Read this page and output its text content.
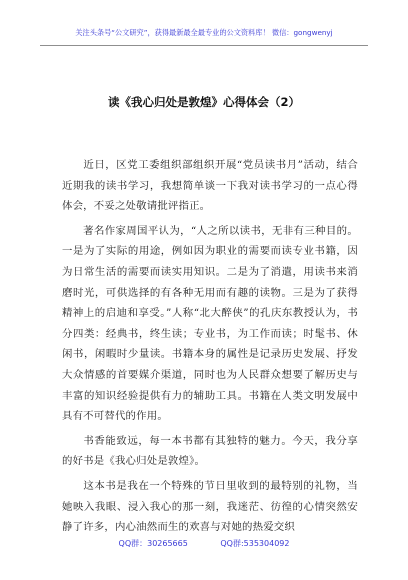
关注头条号“公文研究”，获得最新最全最专业的公文资料库！ 微信：gongwenyj
读《我心归处是敦煌》心得体会（2）
近日，区党工委组织部组织开展“党员读书月”活动，结合近期我的读书学习，我想简单谈一下我对读书学习的一点心得体会，不妥之处敬请批评指正。
著名作家周国平认为，“人之所以读书，无非有三种目的。一是为了实际的用途，例如因为职业的需要而读专业书籍，因为日常生活的需要而读实用知识。二是为了消遣，用读书来消磨时光，可供选择的有各种无用而有趣的读物。三是为了获得精神上的启迪和享受。”人称“北大醉侠”的孔庆东教授认为，书分四类：经典书，终生读；专业书，为工作而读；时髦书、休闲书，闲暇时少量读。书籍本身的属性是记录历史发展、抒发大众情感的首要媒介渠道，同时也为人民群众想要了解历史与丰富的知识经验提供有力的辅助工具。书籍在人类文明发展中具有不可替代的作用。
书香能致远，每一本书都有其独特的魅力。今天，我分享的好书是《我心归处是敦煌》。
这本书是我在一个特殊的节日里收到的最特别的礼物，当她映入我眼、浸入我心的那一刻，我迷茫、彷徨的心情突然安静了许多，内心油然而生的欢喜与对她的热爱交织
QQ群：30265665	QQ群:535304092
